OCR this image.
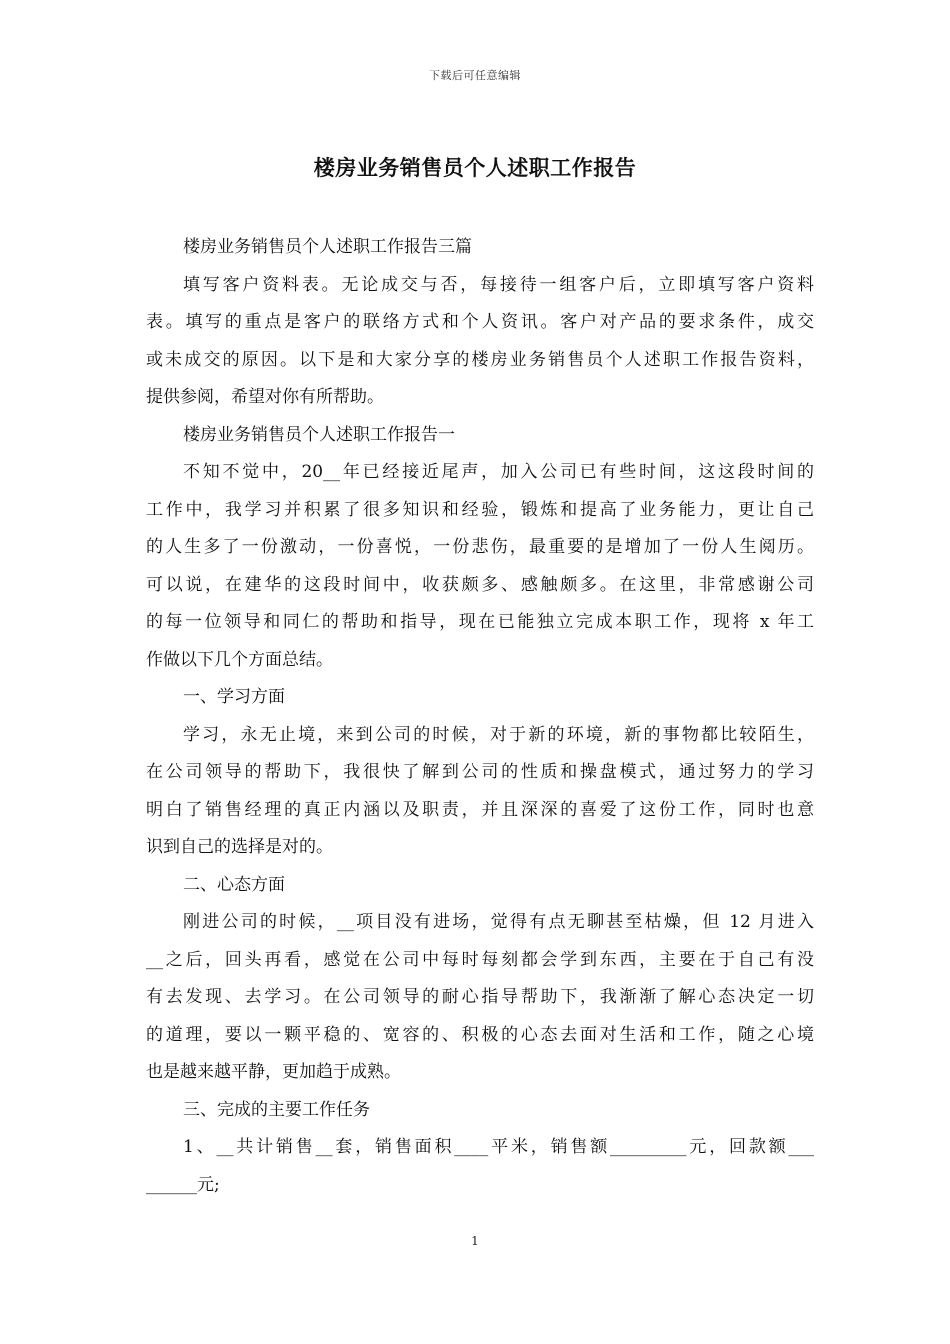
下载后可任意编辑
楼房业务销售员个人述职工作报告
楼房业务销售员个人述职工作报告三篇
填写客户资料表。无论成交与否，每接待一组客户后，立即填写客户资料
表。填写的重点是客户的联络方式和个人资讯。客户对产品的要求条件，成交
或未成交的原因。以下是和大家分享的楼房业务销售员个人述职工作报告资料，
提供参阅，希望对你有所帮助。
楼房业务销售员个人述职工作报告一
不知不觉中，20__年已经接近尾声，加入公司已有些时间，这这段时间的
工作中，我学习并积累了很多知识和经验，锻炼和提高了业务能力，更让自己
的人生多了一份激动，一份喜悦，一份悲伤，最重要的是增加了一份人生阅历。
可以说，在建华的这段时间中，收获颇多、感触颇多。在这里，非常感谢公司
的每一位领导和同仁的帮助和指导，现在已能独立完成本职工作，现将 x 年工
作做以下几个方面总结。
一、学习方面
学习，永无止境，来到公司的时候，对于新的环境，新的事物都比较陌生，
在公司领导的帮助下，我很快了解到公司的性质和操盘模式，通过努力的学习
明白了销售经理的真正内涵以及职责，并且深深的喜爱了这份工作，同时也意
识到自己的选择是对的。
二、心态方面
刚进公司的时候，__项目没有进场，觉得有点无聊甚至枯燥，但 12 月进入
__之后，回头再看，感觉在公司中每时每刻都会学到东西，主要在于自己有没
有去发现、去学习。在公司领导的耐心指导帮助下，我渐渐了解心态决定一切
的道理，要以一颗平稳的、宽容的、积极的心态去面对生活和工作，随之心境
也是越来越平静，更加趋于成熟。
三、完成的主要工作任务
1、__共计销售__套，销售面积____平米，销售额_________元，回款额___
______元;
1
